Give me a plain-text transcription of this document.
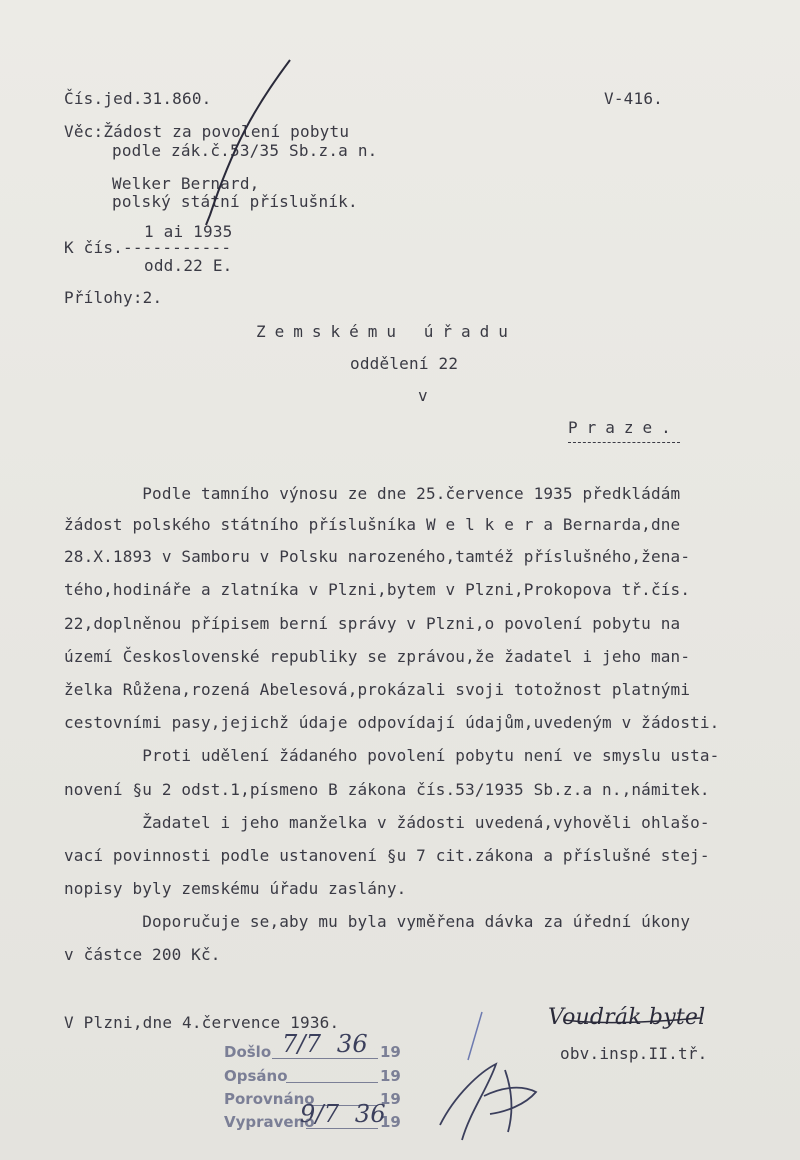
Čís.jed.31.860.	V-416.
Věc:Žádost za povolení pobytu
podle zák.č.53/35 Sb.z.a n.
Welker Bernard,
polský státní příslušník.
1 ai 1935
K čís.-----------
odd.22 E.
Přílohy:2.
Zemskému úřadu
oddělení 22
v
Praze.
Podle tamního výnosu ze dne 25.července 1935 předkládám
žádost polského státního příslušníka W e l k e r a Bernarda,dne
28.X.1893 v Samboru v Polsku narozeného,tamtéž příslušného,žena-
tého,hodináře a zlatníka v Plzni,bytem v Plzni,Prokopova tř.čís.
22,doplněnou přípisem berní správy v Plzni,o povolení pobytu na
území Československé republiky se zprávou,že žadatel i jeho man-
želka Růžena,rozená Abelesová,prokázali svoji totožnost platnými
cestovními pasy,jejichž údaje odpovídají údajům,uvedeným v žádosti.
Proti udělení žádaného povolení pobytu není ve smyslu usta-
novení §u 2 odst.1,písmeno B zákona čís.53/1935 Sb.z.a n.,námitek.
Žadatel i jeho manželka v žádosti uvedená,vyhověli ohlašo-
vací povinnosti podle ustanovení §u 7 cit.zákona a příslušné stej-
nopisy byly zemskému úřadu zaslány.
Doporučuje se,aby mu byla vyměřena dávka za úřední úkony
v částce 200 Kč.
V Plzni,dne 4.července 1936.	Voudrák bytel
obv.insp.II.tř.
Došlo	19
Opsáno	19
Porovnáno	19
Vypraveno	19
7/7  36
9/7  36
